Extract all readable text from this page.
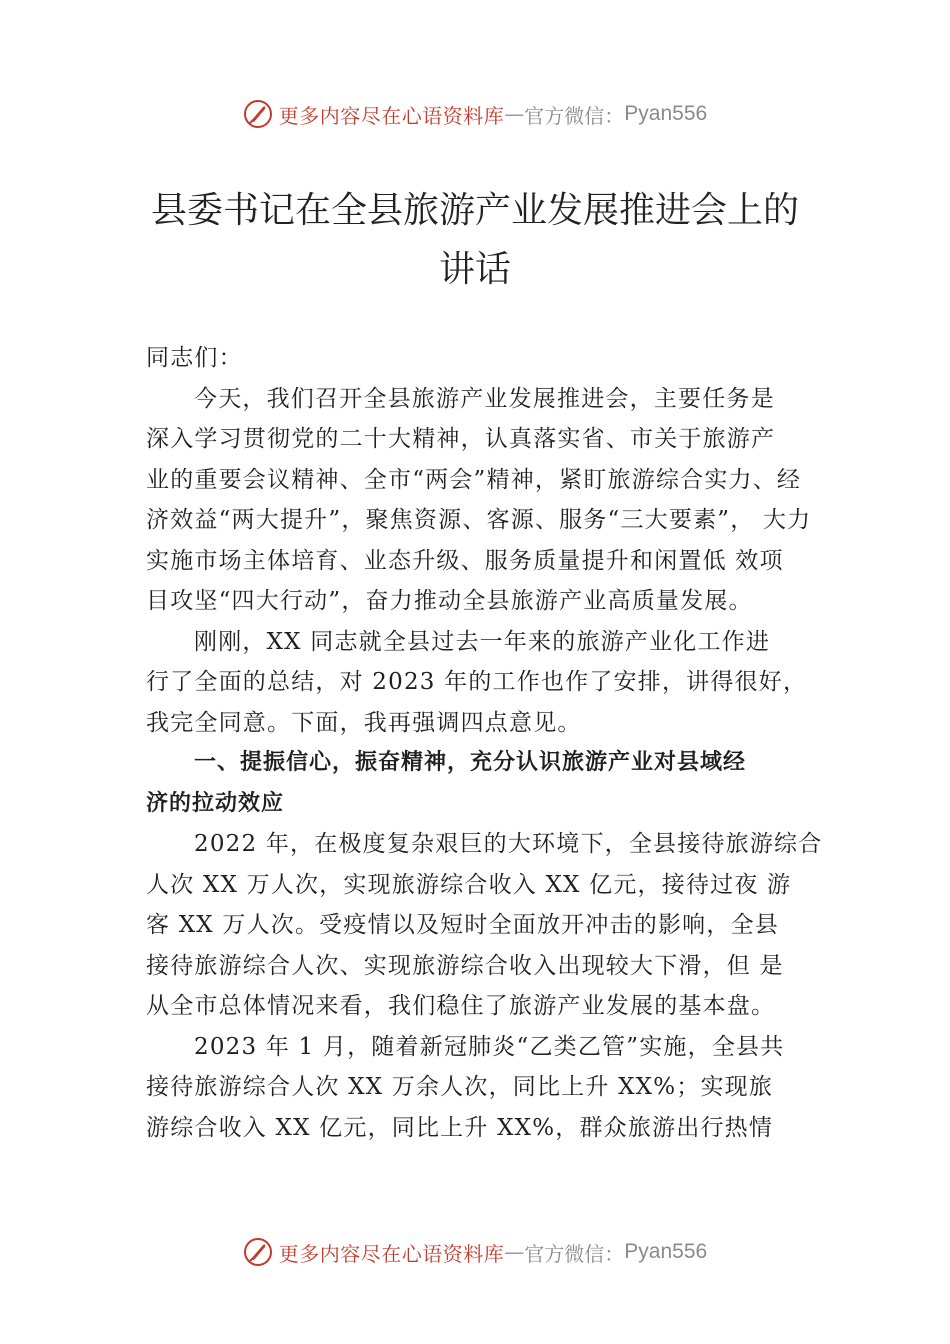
更多内容尽在心语资料库 — 官方微信： Pyan556
县委书记在全县旅游产业发展推进会上的
讲话
同志们：
今天，我们召开全县旅游产业发展推进会，主要任务是
深入学习贯彻党的二十大精神，认真落实省、市关于旅游产
业的重要会议精神、全市“两会”精神，紧盯旅游综合实力、经
济效益“两大提升”，聚焦资源、客源、服务“三大要素”， 大力
实施市场主体培育、业态升级、服务质量提升和闲置低 效项
目攻坚“四大行动”，奋力推动全县旅游产业高质量发展。
刚刚，XX 同志就全县过去一年来的旅游产业化工作进
行了全面的总结，对 2023 年的工作也作了安排，讲得很好，
我完全同意。下面，我再强调四点意见。
一、提振信心，振奋精神，充分认识旅游产业对县域经
济的拉动效应
2022 年，在极度复杂艰巨的大环境下，全县接待旅游综合
人次 XX 万人次，实现旅游综合收入 XX 亿元，接待过夜 游
客 XX 万人次。受疫情以及短时全面放开冲击的影响，全县
接待旅游综合人次、实现旅游综合收入出现较大下滑，但 是
从全市总体情况来看，我们稳住了旅游产业发展的基本盘。
2023 年 1 月，随着新冠肺炎“乙类乙管”实施，全县共
接待旅游综合人次 XX 万余人次，同比上升 XX%；实现旅
游综合收入 XX 亿元，同比上升 XX%，群众旅游出行热情
更多内容尽在心语资料库 — 官方微信： Pyan556
